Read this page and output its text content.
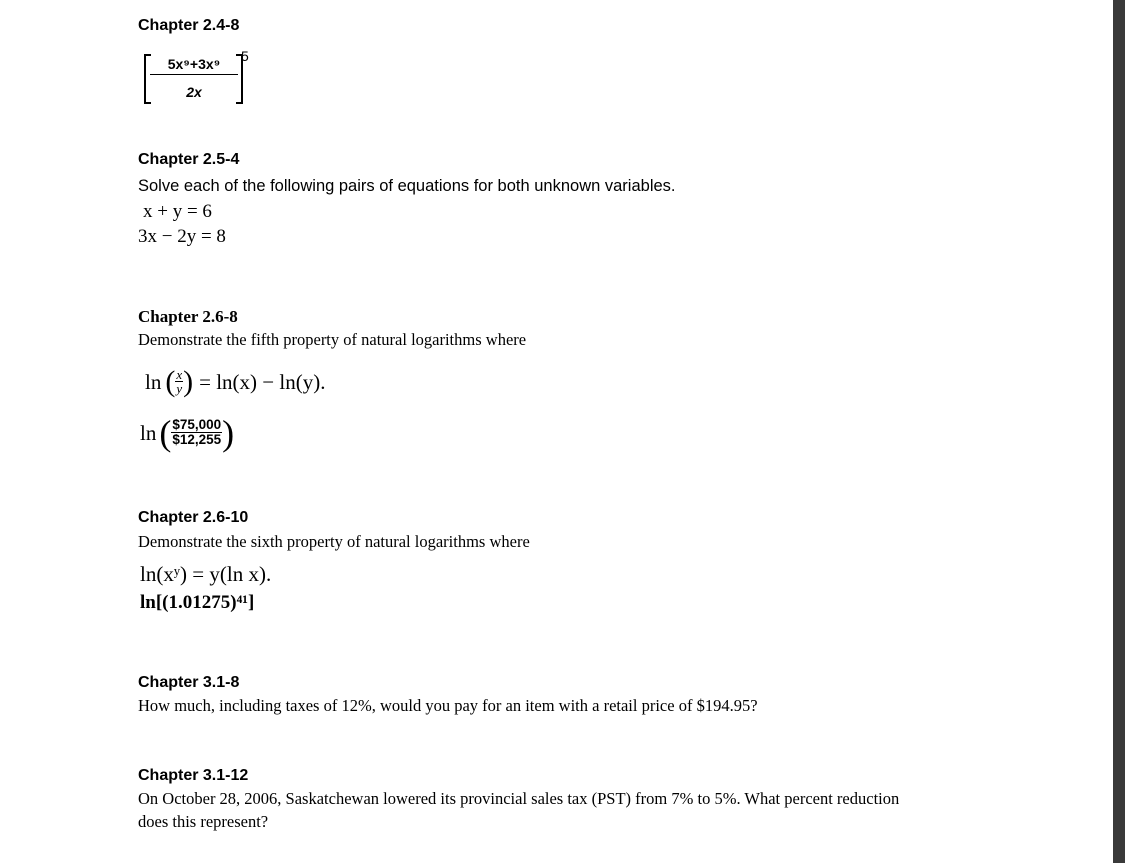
Chapter 2.4-8
5x⁹+3x⁹
2x
5
Chapter 2.5-4
Solve each of the following pairs of equations for both unknown variables.
x + y = 6
3x − 2y = 8
Chapter 2.6-8
Demonstrate the fifth property of natural logarithms where
ln ( $\frac{x}{y}$ ) = ln(x) − ln(y).
ln ( $\frac{\$75,000}{\$12,255}$ )
Chapter 2.6-10
Demonstrate the sixth property of natural logarithms where
ln(xʸ) = y(ln x).
ln[(1.01275)⁴¹]
Chapter 3.1-8
How much, including taxes of 12%, would you pay for an item with a retail price of $194.95?
Chapter 3.1-12
On October 28, 2006, Saskatchewan lowered its provincial sales tax (PST) from 7% to 5%. What percent reduction
does this represent?
